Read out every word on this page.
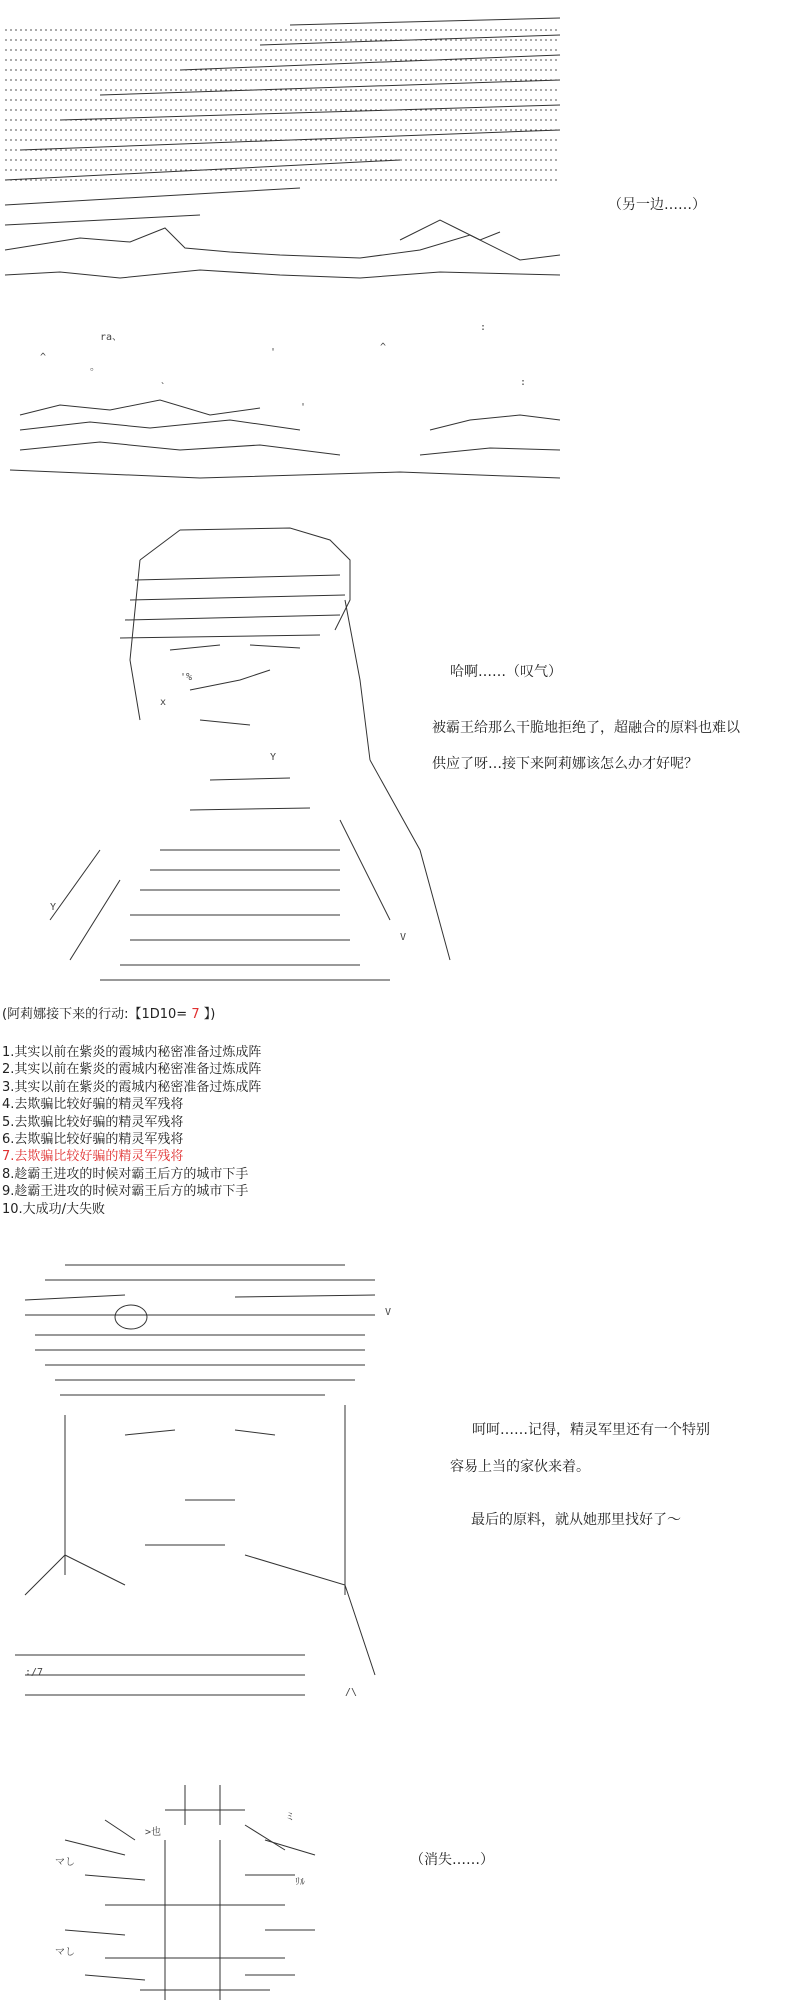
ra、
^
。
`
'	^
:
:
'
（另一边……）
'%
x
V
Y
Y
哈啊……（叹气）
被霸王给那么干脆地拒绝了，超融合的原料也难以
供应了呀…接下来阿莉娜该怎么办才好呢？
(阿莉娜接下来的行动:【1D10= 7 】)
1.其实以前在紫炎的霞城内秘密准备过炼成阵
2.其实以前在紫炎的霞城内秘密准备过炼成阵
3.其实以前在紫炎的霞城内秘密准备过炼成阵
4.去欺骗比较好骗的精灵军残将
5.去欺骗比较好骗的精灵军残将
6.去欺骗比较好骗的精灵军残将
7.去欺骗比较好骗的精灵军残将
8.趁霸王进攻的时候对霸王后方的城市下手
9.趁霸王进攻的时候对霸王后方的城市下手
10.大成功/大失败
V
:/7
/\
呵呵……记得，精灵军里还有一个特别
容易上当的家伙来着。
最后的原料，就从她那里找好了～
>也
ミ
マし
ﾘﾙ
マし
（消失……）
